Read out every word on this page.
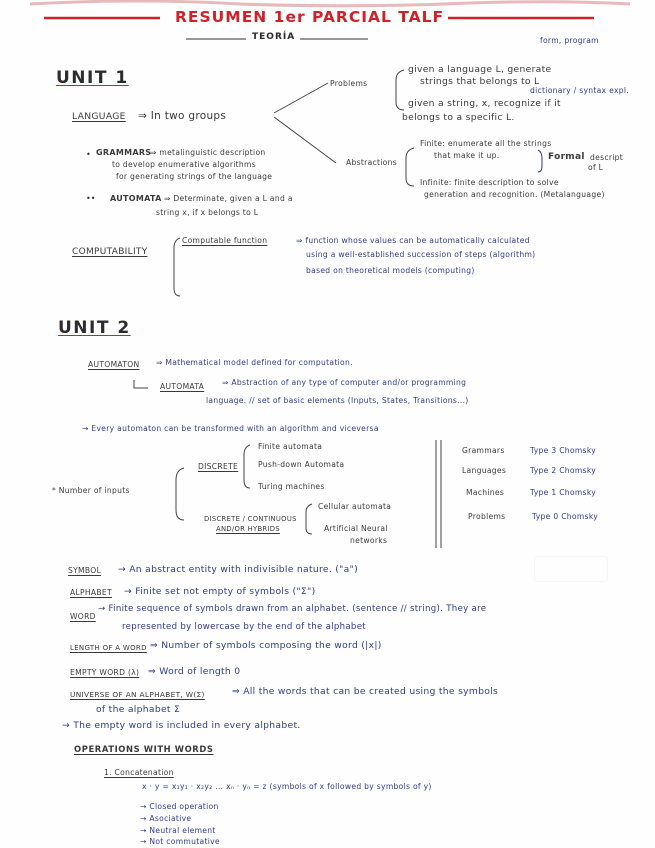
RESUMEN 1er PARCIAL TALF
TEORÍA
UNIT 1
form, program
Problems
given a language L, generate
strings that belongs to L
dictionary / syntax expl.
given a string, x, recognize if it
belongs to a specific L.
LANGUAGE ⇒ In two groups
Abstractions
Finite: enumerate all the strings
that make it up.	Formal descript
of L
Infinite: finite description to solve
generation and recognition. (Metalanguage)
• GRAMMARS
⇒ metalinguistic description
to develop enumerative algorithms
for generating strings of the language
•• AUTOMATA ⇒ Determinate, given a L and a
string x, if x belongs to L
COMPUTABILITY
Computable function	⇒ function whose values can be automatically calculated
using a well-established succession of steps (algorithm)
based on theoretical models (computing)
UNIT 2
AUTOMATON ⇒ Mathematical model defined for computation.
AUTOMATA ⇒ Abstraction of any type of computer and/or programming
language. // set of basic elements (Inputs, States, Transitions...)
→ Every automaton can be transformed with an algorithm and viceversa
* Number of inputs
DISCRETE
Finite automata
Push-down Automata
Turing machines
DISCRETE / CONTINUOUS
AND/OR HYBRIDS
Cellular automata
Artificial Neural
networks
Grammars	Type 3 Chomsky
Languages	Type 2 Chomsky
Machines	Type 1 Chomsky
Problems	Type 0 Chomsky
SYMBOL → An abstract entity with indivisible nature. ("a")
ALPHABET → Finite set not empty of symbols ("Σ")
WORD
→ Finite sequence of symbols drawn from an alphabet. (sentence // string). They are
represented by lowercase by the end of the alphabet
LENGTH OF A WORD ⇒ Number of symbols composing the word (|x|)
EMPTY WORD (λ) ⇒ Word of length 0
UNIVERSE OF AN ALPHABET, W(Σ)	⇒ All the words that can be created using the symbols
of the alphabet Σ
→ The empty word is included in every alphabet.
OPERATIONS WITH WORDS
1. Concatenation
x · y = x₁y₁ · x₂y₂ ... xₙ · yₙ = z (symbols of x followed by symbols of y)
→ Closed operation
→ Asociative
→ Neutral element
→ Not commutative
